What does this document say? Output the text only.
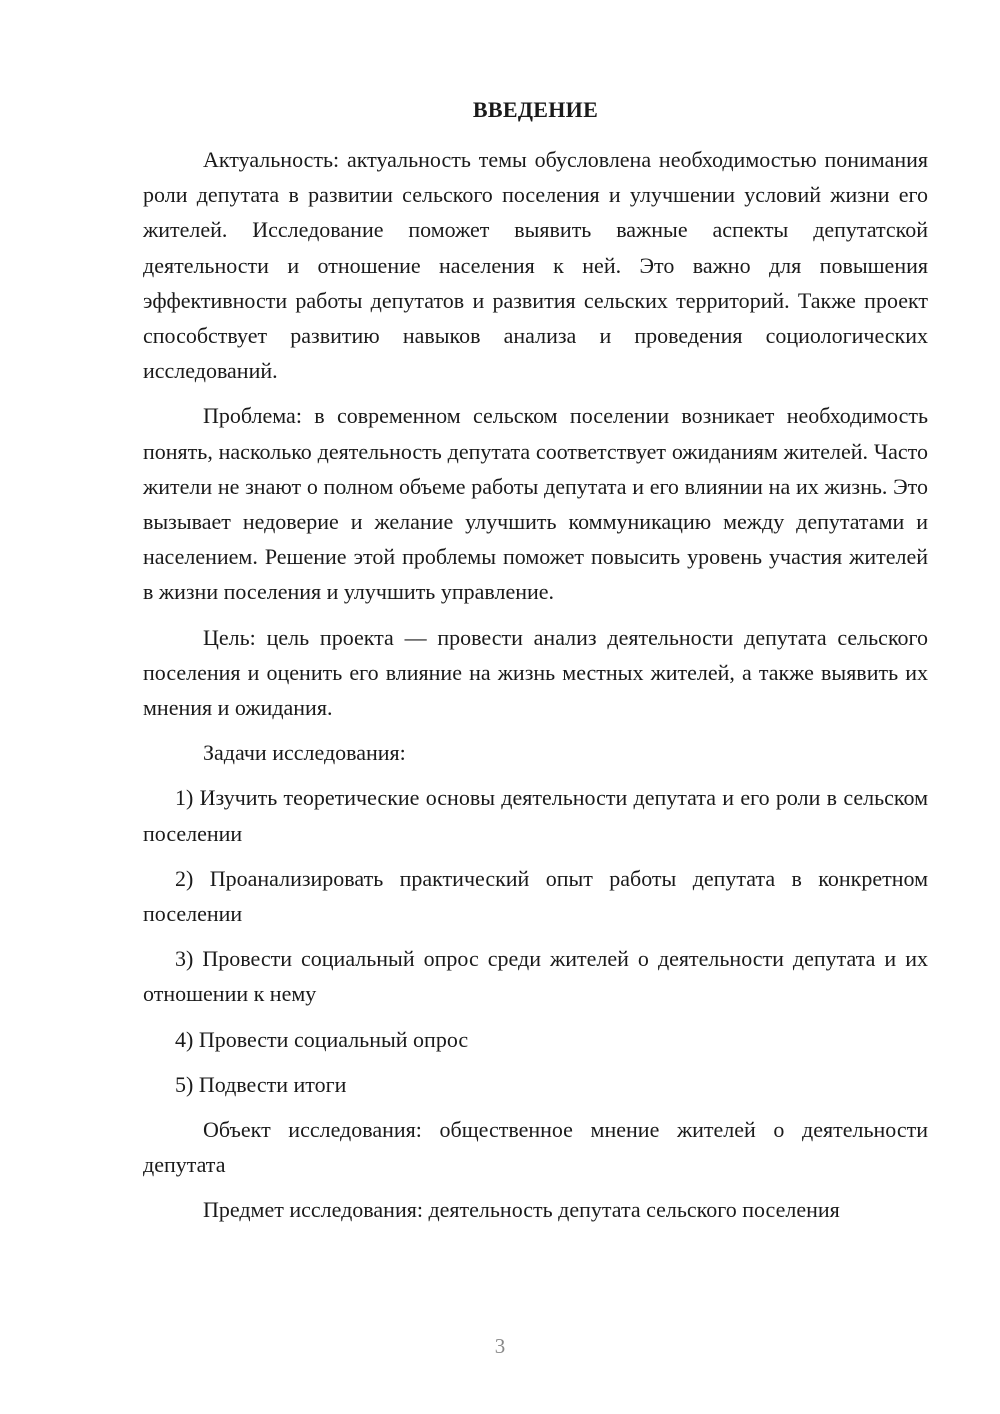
ВВЕДЕНИЕ

Актуальность: актуальность темы обусловлена необходимостью понимания роли депутата в развитии сельского поселения и улучшении условий жизни его жителей. Исследование поможет выявить важные аспекты депутатской деятельности и отношение населения к ней. Это важно для повышения эффективности работы депутатов и развития сельских территорий. Также проект способствует развитию навыков анализа и проведения социологических исследований.

Проблема: в современном сельском поселении возникает необходимость понять, насколько деятельность депутата соответствует ожиданиям жителей. Часто жители не знают о полном объеме работы депутата и его влиянии на их жизнь. Это вызывает недоверие и желание улучшить коммуникацию между депутатами и населением. Решение этой проблемы поможет повысить уровень участия жителей в жизни поселения и улучшить управление.

Цель: цель проекта — провести анализ деятельности депутата сельского поселения и оценить его влияние на жизнь местных жителей, а также выявить их мнения и ожидания.

Задачи исследования:

1) Изучить теоретические основы деятельности депутата и его роли в сельском поселении

2) Проанализировать практический опыт работы депутата в конкретном поселении

3) Провести социальный опрос среди жителей о деятельности депутата и их отношении к нему

4) Провести социальный опрос

5) Подвести итоги

Объект исследования: общественное мнение жителей о деятельности депутата

Предмет исследования: деятельность депутата сельского поселения

3
